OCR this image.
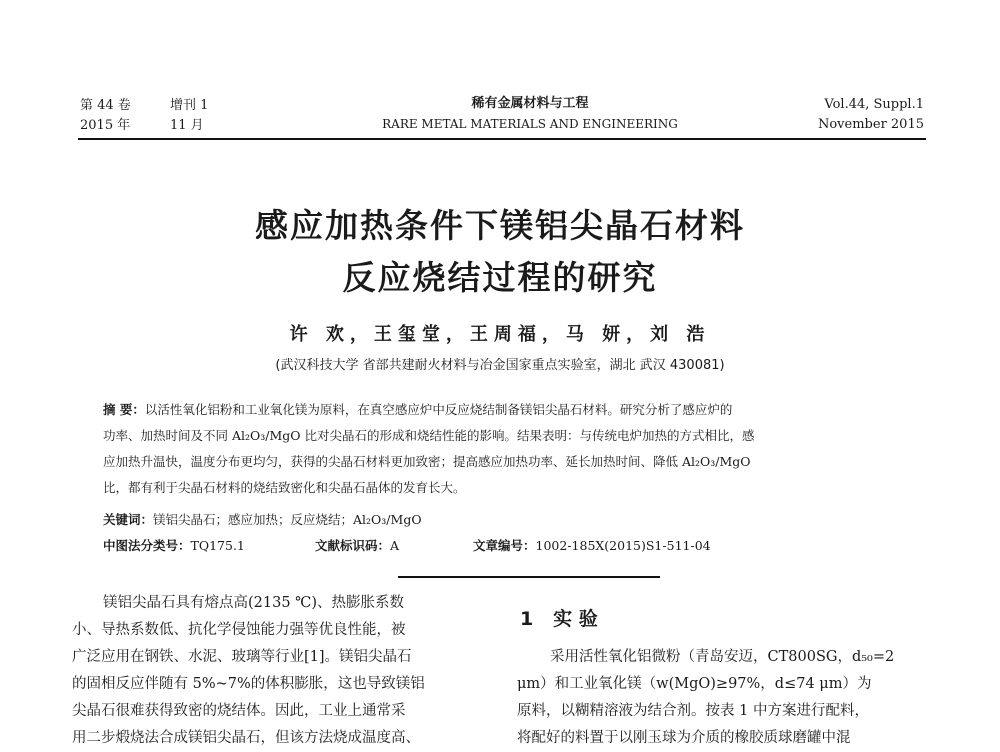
第 44 卷
2015 年
增刊 1
11 月
稀有金属材料与工程
RARE METAL MATERIALS AND ENGINEERING
Vol.44, Suppl.1
November 2015
感应加热条件下镁铝尖晶石材料
反应烧结过程的研究
许 欢，王玺堂，王周福，马 妍，刘 浩
(武汉科技大学 省部共建耐火材料与冶金国家重点实验室，湖北 武汉 430081)
摘 要：以活性氧化铝粉和工业氧化镁为原料，在真空感应炉中反应烧结制备镁铝尖晶石材料。研究分析了感应炉的
功率、加热时间及不同 Al₂O₃/MgO 比对尖晶石的形成和烧结性能的影响。结果表明：与传统电炉加热的方式相比，感
应加热升温快，温度分布更均匀，获得的尖晶石材料更加致密；提高感应加热功率、延长加热时间、降低 Al₂O₃/MgO
比，都有利于尖晶石材料的烧结致密化和尖晶石晶体的发育长大。
关键词：镁铝尖晶石；感应加热；反应烧结；Al₂O₃/MgO
中图法分类号：TQ175.1	文献标识码：A	文章编号：1002-185X(2015)S1-511-04
镁铝尖晶石具有熔点高(2135 ℃)、热膨胀系数
小、导热系数低、抗化学侵蚀能力强等优良性能，被
广泛应用在钢铁、水泥、玻璃等行业[1]。镁铝尖晶石
的固相反应伴随有 5%~7%的体积膨胀，这也导致镁铝
尖晶石很难获得致密的烧结体。因此，工业上通常采
用二步煅烧法合成镁铝尖晶石，但该方法烧成温度高、
1 实 验
采用活性氧化铝微粉（青岛安迈，CT800SG，d₅₀=2
μm）和工业氧化镁（w(MgO)≥97%，d≤74 μm）为
原料，以糊精溶液为结合剂。按表 1 中方案进行配料，
将配好的料置于以刚玉球为介质的橡胶质球磨罐中混
